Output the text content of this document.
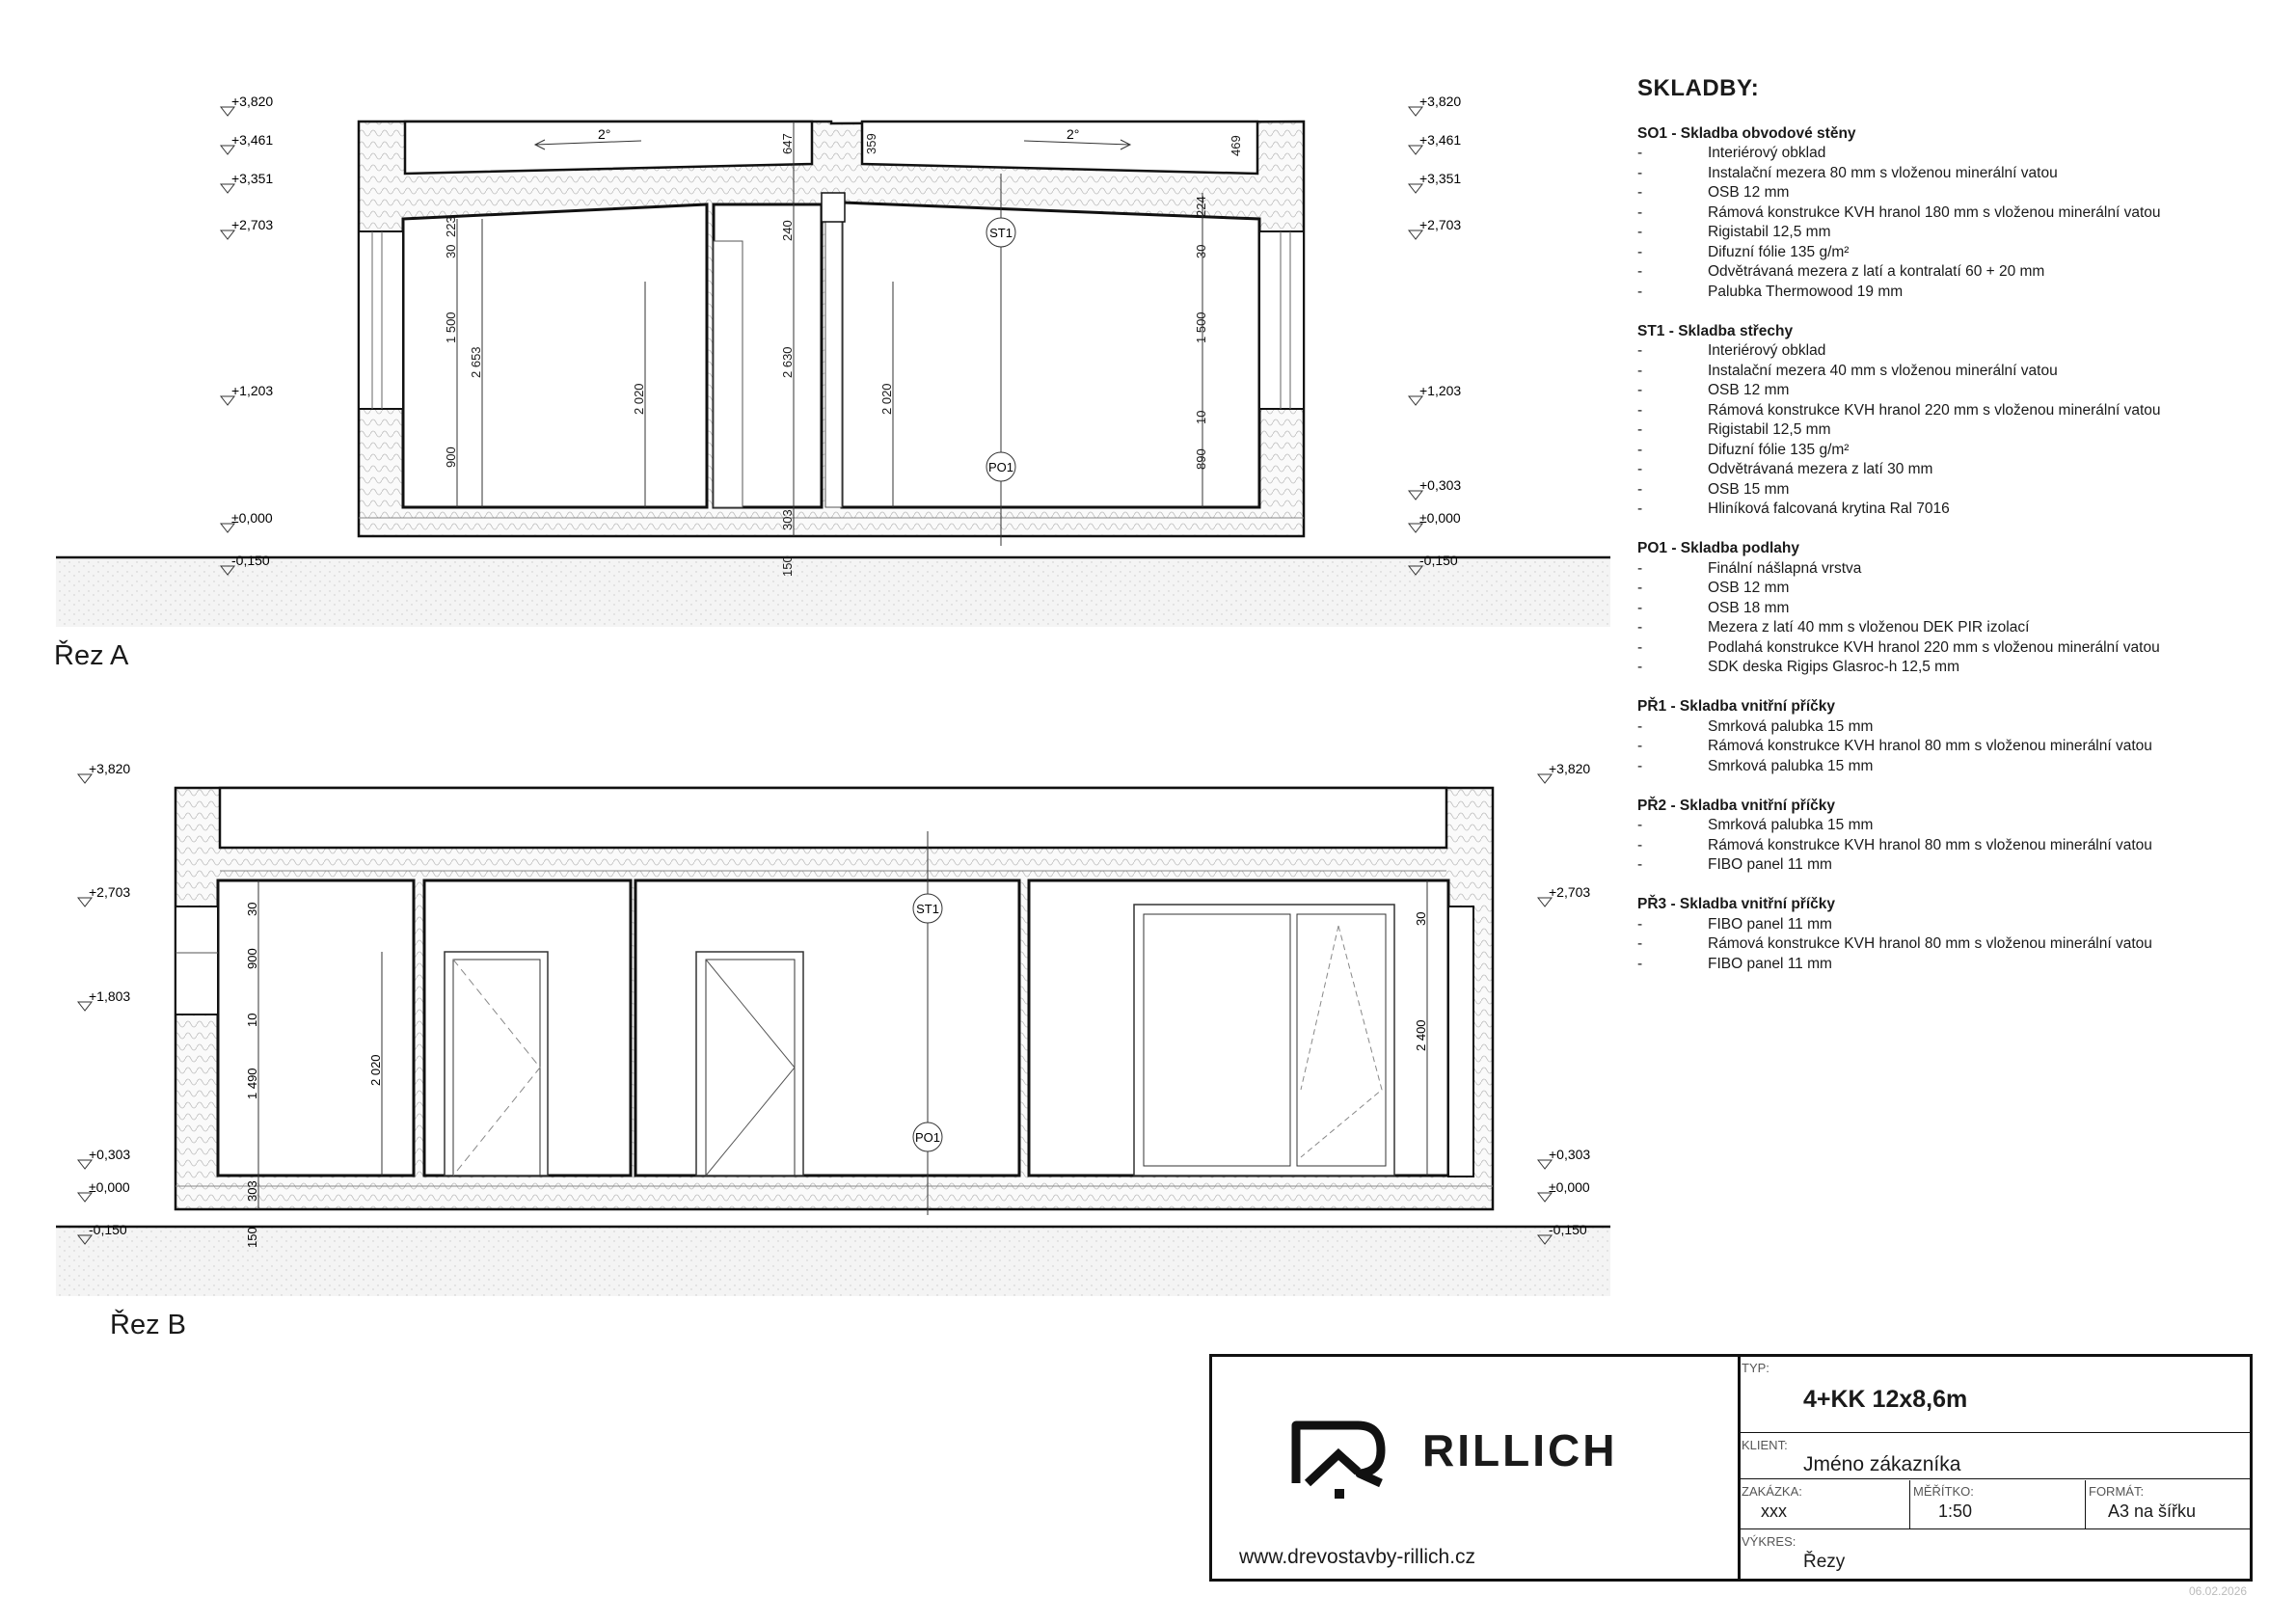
2°	2°
647	359	469
224
30
223	240
30
1 500
2 653
2 020
2 630
2 020
1 500
10
900	890
303
150
ST1
PO1
+3,820
+3,461
+3,351
+2,703
+1,203
±0,000
-0,150
+3,820
+3,461
+3,351
+2,703
+1,203
+0,303
±0,000
-0,150
30
900
10
1 490	2 020
303
150
30
2 400
ST1
PO1
+3,820
+2,703
+1,803
+0,303
±0,000
-0,150
+3,820
+2,703
+0,303
±0,000
-0,150
Řez A
Řez B
SKLADBY:
SO1 - Skladba obvodové stěny
- Interiérový obklad
- Instalační mezera 80 mm s vloženou minerální vatou
- OSB 12 mm
- Rámová konstrukce KVH hranol 180 mm s vloženou minerální vatou
- Rigistabil 12,5 mm
- Difuzní fólie 135 g/m²
- Odvětrávaná mezera z latí a kontralatí 60 + 20 mm
- Palubka Thermowood 19 mm
ST1 - Skladba střechy
- Interiérový obklad
- Instalační mezera 40 mm s vloženou minerální vatou
- OSB 12 mm
- Rámová konstrukce KVH hranol 220 mm s vloženou minerální vatou
- Rigistabil 12,5 mm
- Difuzní fólie 135 g/m²
- Odvětrávaná mezera z latí 30 mm
- OSB 15 mm
- Hliníková falcovaná krytina Ral 7016
PO1 - Skladba podlahy
- Finální nášlapná vrstva
- OSB 12 mm
- OSB 18 mm
- Mezera z latí 40 mm s vloženou DEK PIR izolací
- Podlahá konstrukce KVH hranol 220 mm s vloženou minerální vatou
- SDK deska Rigips Glasroc-h 12,5 mm
PŘ1 - Skladba vnitřní příčky
- Smrková palubka 15 mm
- Rámová konstrukce KVH hranol 80 mm s vloženou minerální vatou
- Smrková palubka 15 mm
PŘ2 - Skladba vnitřní příčky
- Smrková palubka 15 mm
- Rámová konstrukce KVH hranol 80 mm s vloženou minerální vatou
- FIBO panel 11 mm
PŘ3 - Skladba vnitřní příčky
- FIBO panel 11 mm
- Rámová konstrukce KVH hranol 80 mm s vloženou minerální vatou
- FIBO panel 11 mm
RILLICH
www.drevostavby-rillich.cz
TYP:
4+KK 12x8,6m
KLIENT:
Jméno zákazníka
ZAKÁZKA:
xxx
MĚŘÍTKO:
1:50
FORMÁT:
A3 na šířku
VÝKRES:
Řezy
06.02.2026
